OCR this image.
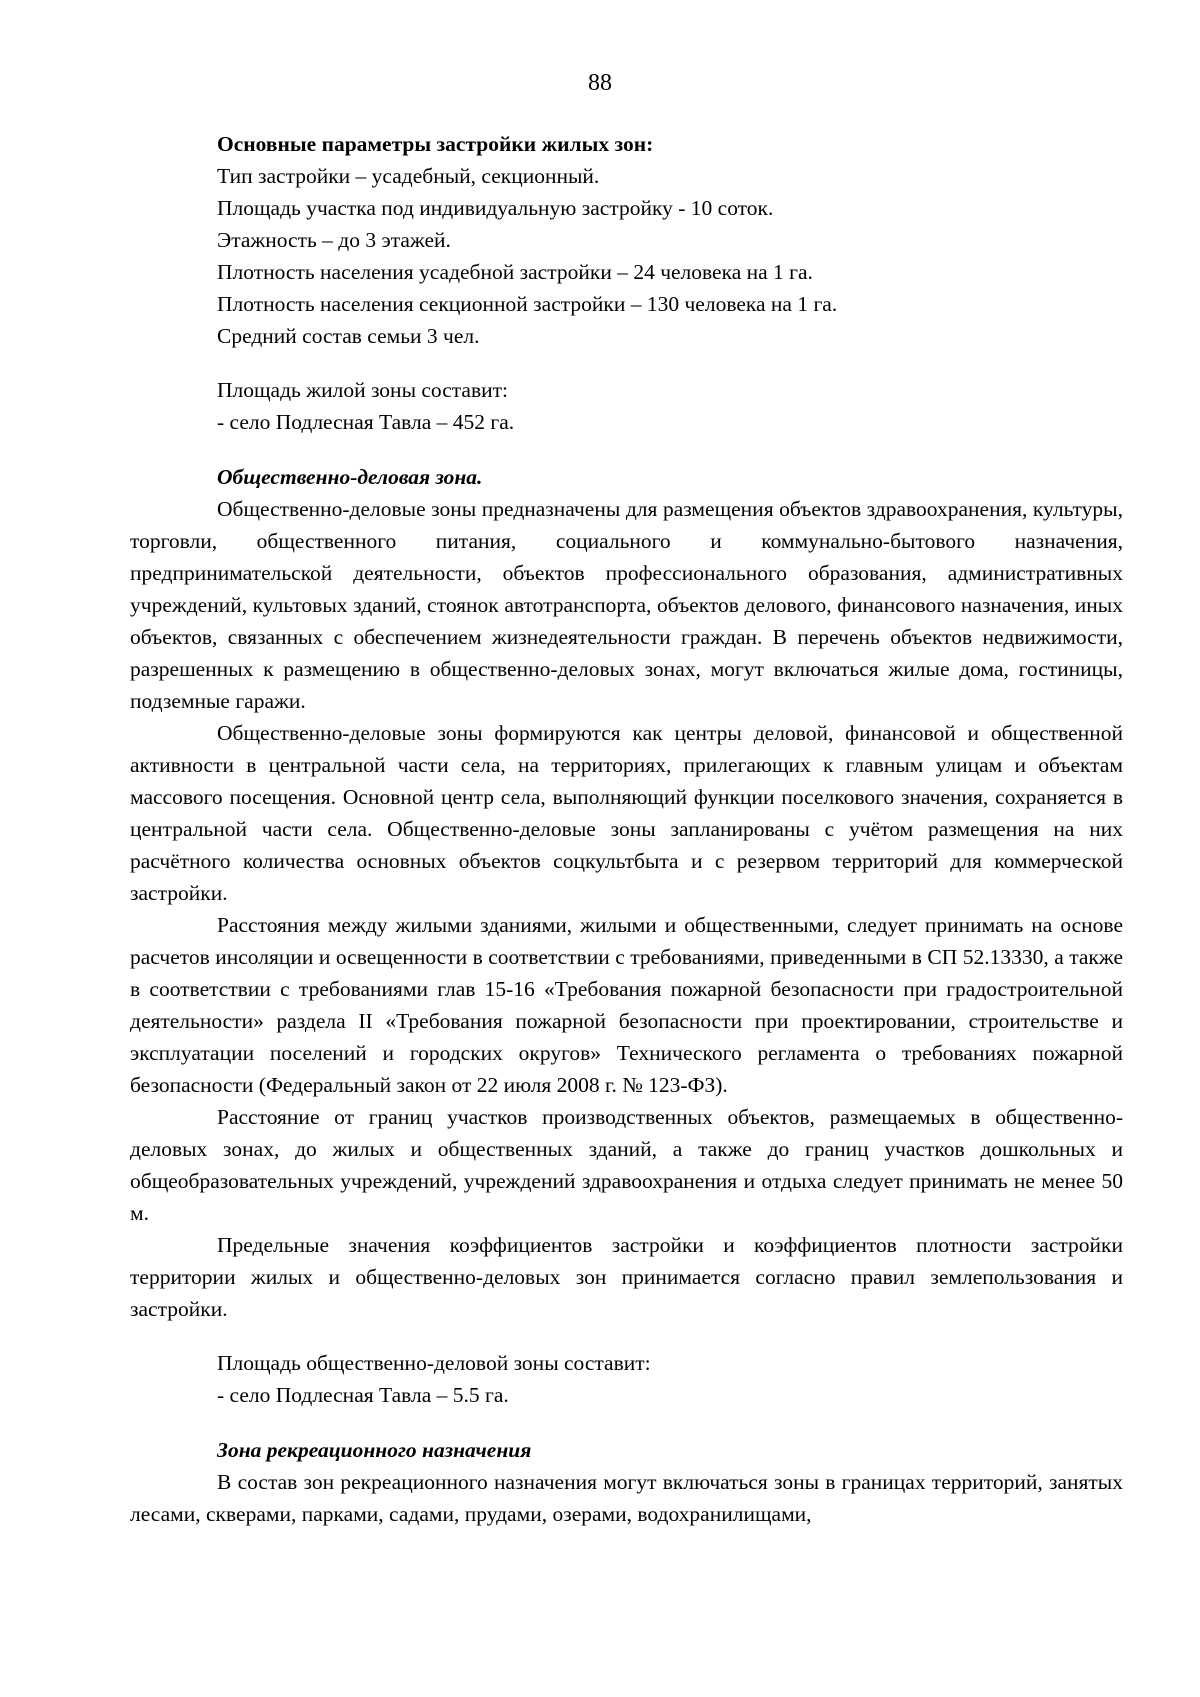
88
Основные параметры застройки жилых зон:
Тип застройки – усадебный, секционный.
Площадь участка под индивидуальную застройку - 10 соток.
Этажность – до 3 этажей.
Плотность населения усадебной застройки – 24 человека на 1 га.
Плотность населения секционной застройки – 130 человека на 1 га.
Средний состав семьи 3 чел.
Площадь жилой зоны составит:
- село Подлесная Тавла – 452 га.
Общественно-деловая зона.

Общественно-деловые зоны предназначены для размещения объектов здравоохранения, культуры, торговли, общественного питания, социального и коммунально-бытового назначения, предпринимательской деятельности, объектов профессионального образования, административных учреждений, культовых зданий, стоянок автотранспорта, объектов делового, финансового назначения, иных объектов, связанных с обеспечением жизнедеятельности граждан. В перечень объектов недвижимости, разрешенных к размещению в общественно-деловых зонах, могут включаться жилые дома, гостиницы, подземные гаражи.

Общественно-деловые зоны формируются как центры деловой, финансовой и общественной активности в центральной части села, на территориях, прилегающих к главным улицам и объектам массового посещения. Основной центр села, выполняющий функции поселкового значения, сохраняется в центральной части села. Общественно-деловые зоны запланированы с учётом размещения на них расчётного количества основных объектов соцкультбыта и с резервом территорий для коммерческой застройки.

Расстояния между жилыми зданиями, жилыми и общественными, следует принимать на основе расчетов инсоляции и освещенности в соответствии с требованиями, приведенными в СП 52.13330, а также в соответствии с требованиями глав 15-16 «Требования пожарной безопасности при градостроительной деятельности» раздела II «Требования пожарной безопасности при проектировании, строительстве и эксплуатации поселений и городских округов» Технического регламента о требованиях пожарной безопасности (Федеральный закон от 22 июля 2008 г. № 123-ФЗ).

Расстояние от границ участков производственных объектов, размещаемых в общественно-деловых зонах, до жилых и общественных зданий, а также до границ участков дошкольных и общеобразовательных учреждений, учреждений здравоохранения и отдыха следует принимать не менее 50 м.

Предельные значения коэффициентов застройки и коэффициентов плотности застройки территории жилых и общественно-деловых зон принимается согласно правил землепользования и застройки.

Площадь общественно-деловой зоны составит:
- село Подлесная Тавла – 5.5 га.
Зона рекреационного назначения

В состав зон рекреационного назначения могут включаться зоны в границах территорий, занятых лесами, скверами, парками, садами, прудами, озерами, водохранилищами,
